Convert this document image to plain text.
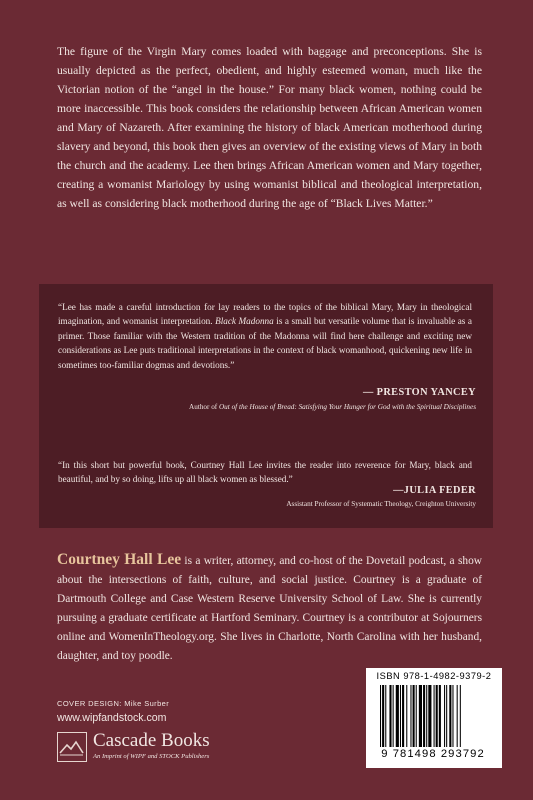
The figure of the Virgin Mary comes loaded with baggage and preconceptions. She is usually depicted as the perfect, obedient, and highly esteemed woman, much like the Victorian notion of the “angel in the house.” For many black women, nothing could be more inaccessible. This book considers the relationship between African American women and Mary of Nazareth. After examining the history of black American motherhood during slavery and beyond, this book then gives an overview of the existing views of Mary in both the church and the academy. Lee then brings African American women and Mary together, creating a womanist Mariology by using womanist biblical and theological interpretation, as well as considering black motherhood during the age of “Black Lives Matter.”

“Lee has made a careful introduction for lay readers to the topics of the biblical Mary, Mary in theological imagination, and womanist interpretation. Black Madonna is a small but versatile volume that is invaluable as a primer. Those familiar with the Western tradition of the Madonna will find here challenge and exciting new considerations as Lee puts traditional interpretations in the context of black womanhood, quickening new life in sometimes too-familiar dogmas and devotions.”

— PRESTON YANCEY
Author of Out of the House of Bread: Satisfying Your Hunger for God with the Spiritual Disciplines

“In this short but powerful book, Courtney Hall Lee invites the reader into reverence for Mary, black and beautiful, and by so doing, lifts up all black women as blessed.”

—JULIA FEDER
Assistant Professor of Systematic Theology, Creighton University

Courtney Hall Lee is a writer, attorney, and co-host of the Dovetail podcast, a show about the intersections of faith, culture, and social justice. Courtney is a graduate of Dartmouth College and Case Western Reserve University School of Law. She is currently pursuing a graduate certificate at Hartford Seminary. Courtney is a contributor at Sojourners online and WomenInTheology.org. She lives in Charlotte, North Carolina with her husband, daughter, and toy poodle.

COVER DESIGN: Mike Surber
www.wipfandstock.com
Cascade Books
An Imprint of WIPF and STOCK Publishers
ISBN 978-1-4982-9379-2
9 781498 293792
